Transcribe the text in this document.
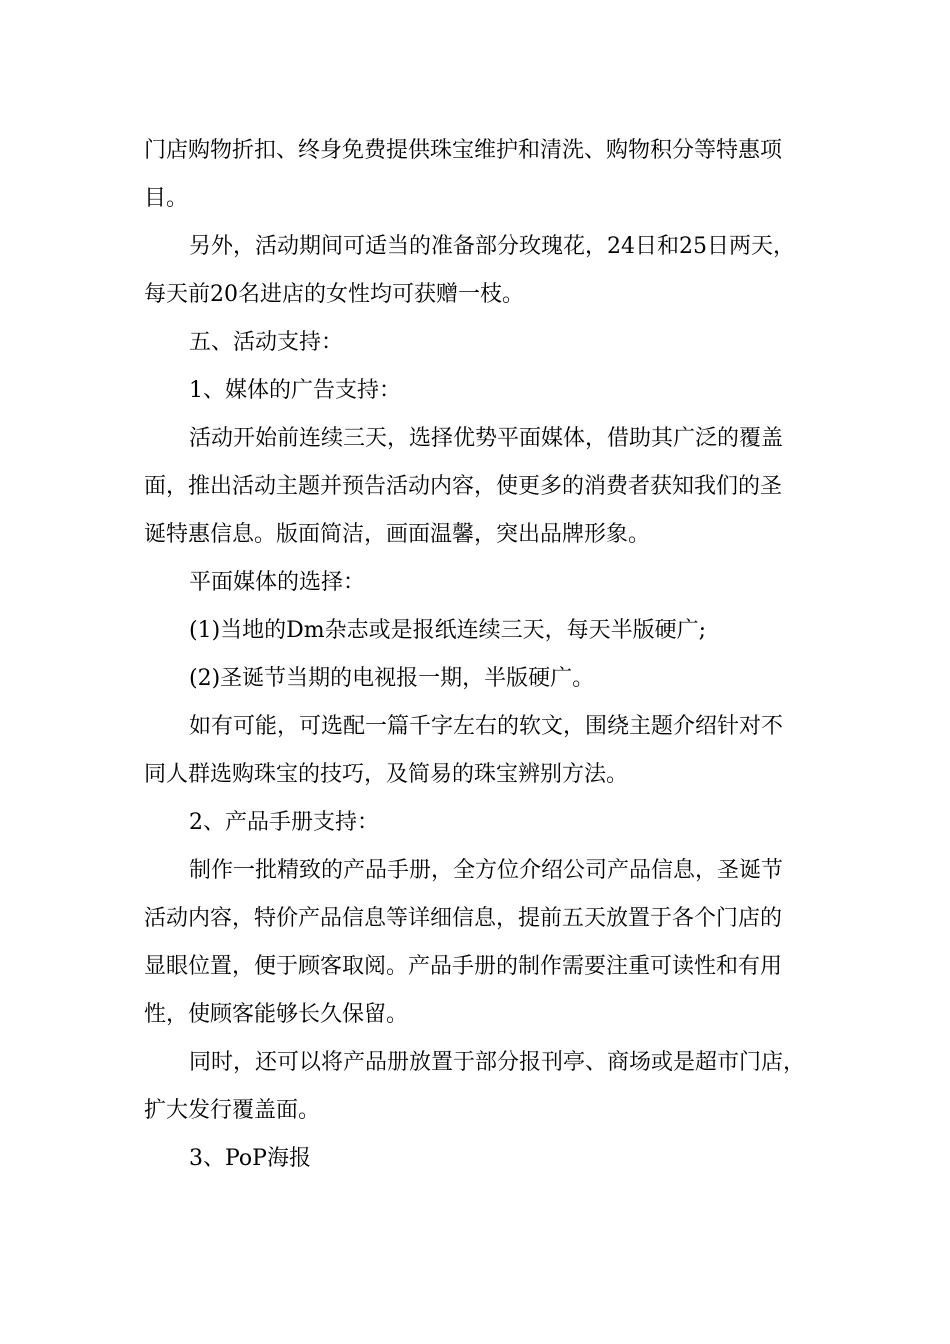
门店购物折扣、终身免费提供珠宝维护和清洗、购物积分等特惠项
目。
另外，活动期间可适当的准备部分玫瑰花，24日和25日两天，
每天前20名进店的女性均可获赠一枝。
五、活动支持：
1、媒体的广告支持：
活动开始前连续三天，选择优势平面媒体，借助其广泛的覆盖
面，推出活动主题并预告活动内容，使更多的消费者获知我们的圣
诞特惠信息。版面简洁，画面温馨，突出品牌形象。
平面媒体的选择：
(1)当地的Dm杂志或是报纸连续三天，每天半版硬广;
(2)圣诞节当期的电视报一期，半版硬广。
如有可能，可选配一篇千字左右的软文，围绕主题介绍针对不
同人群选购珠宝的技巧，及简易的珠宝辨别方法。
2、产品手册支持：
制作一批精致的产品手册，全方位介绍公司产品信息，圣诞节
活动内容，特价产品信息等详细信息，提前五天放置于各个门店的
显眼位置，便于顾客取阅。产品手册的制作需要注重可读性和有用
性，使顾客能够长久保留。
同时，还可以将产品册放置于部分报刊亭、商场或是超市门店，
扩大发行覆盖面。
3、PoP海报
